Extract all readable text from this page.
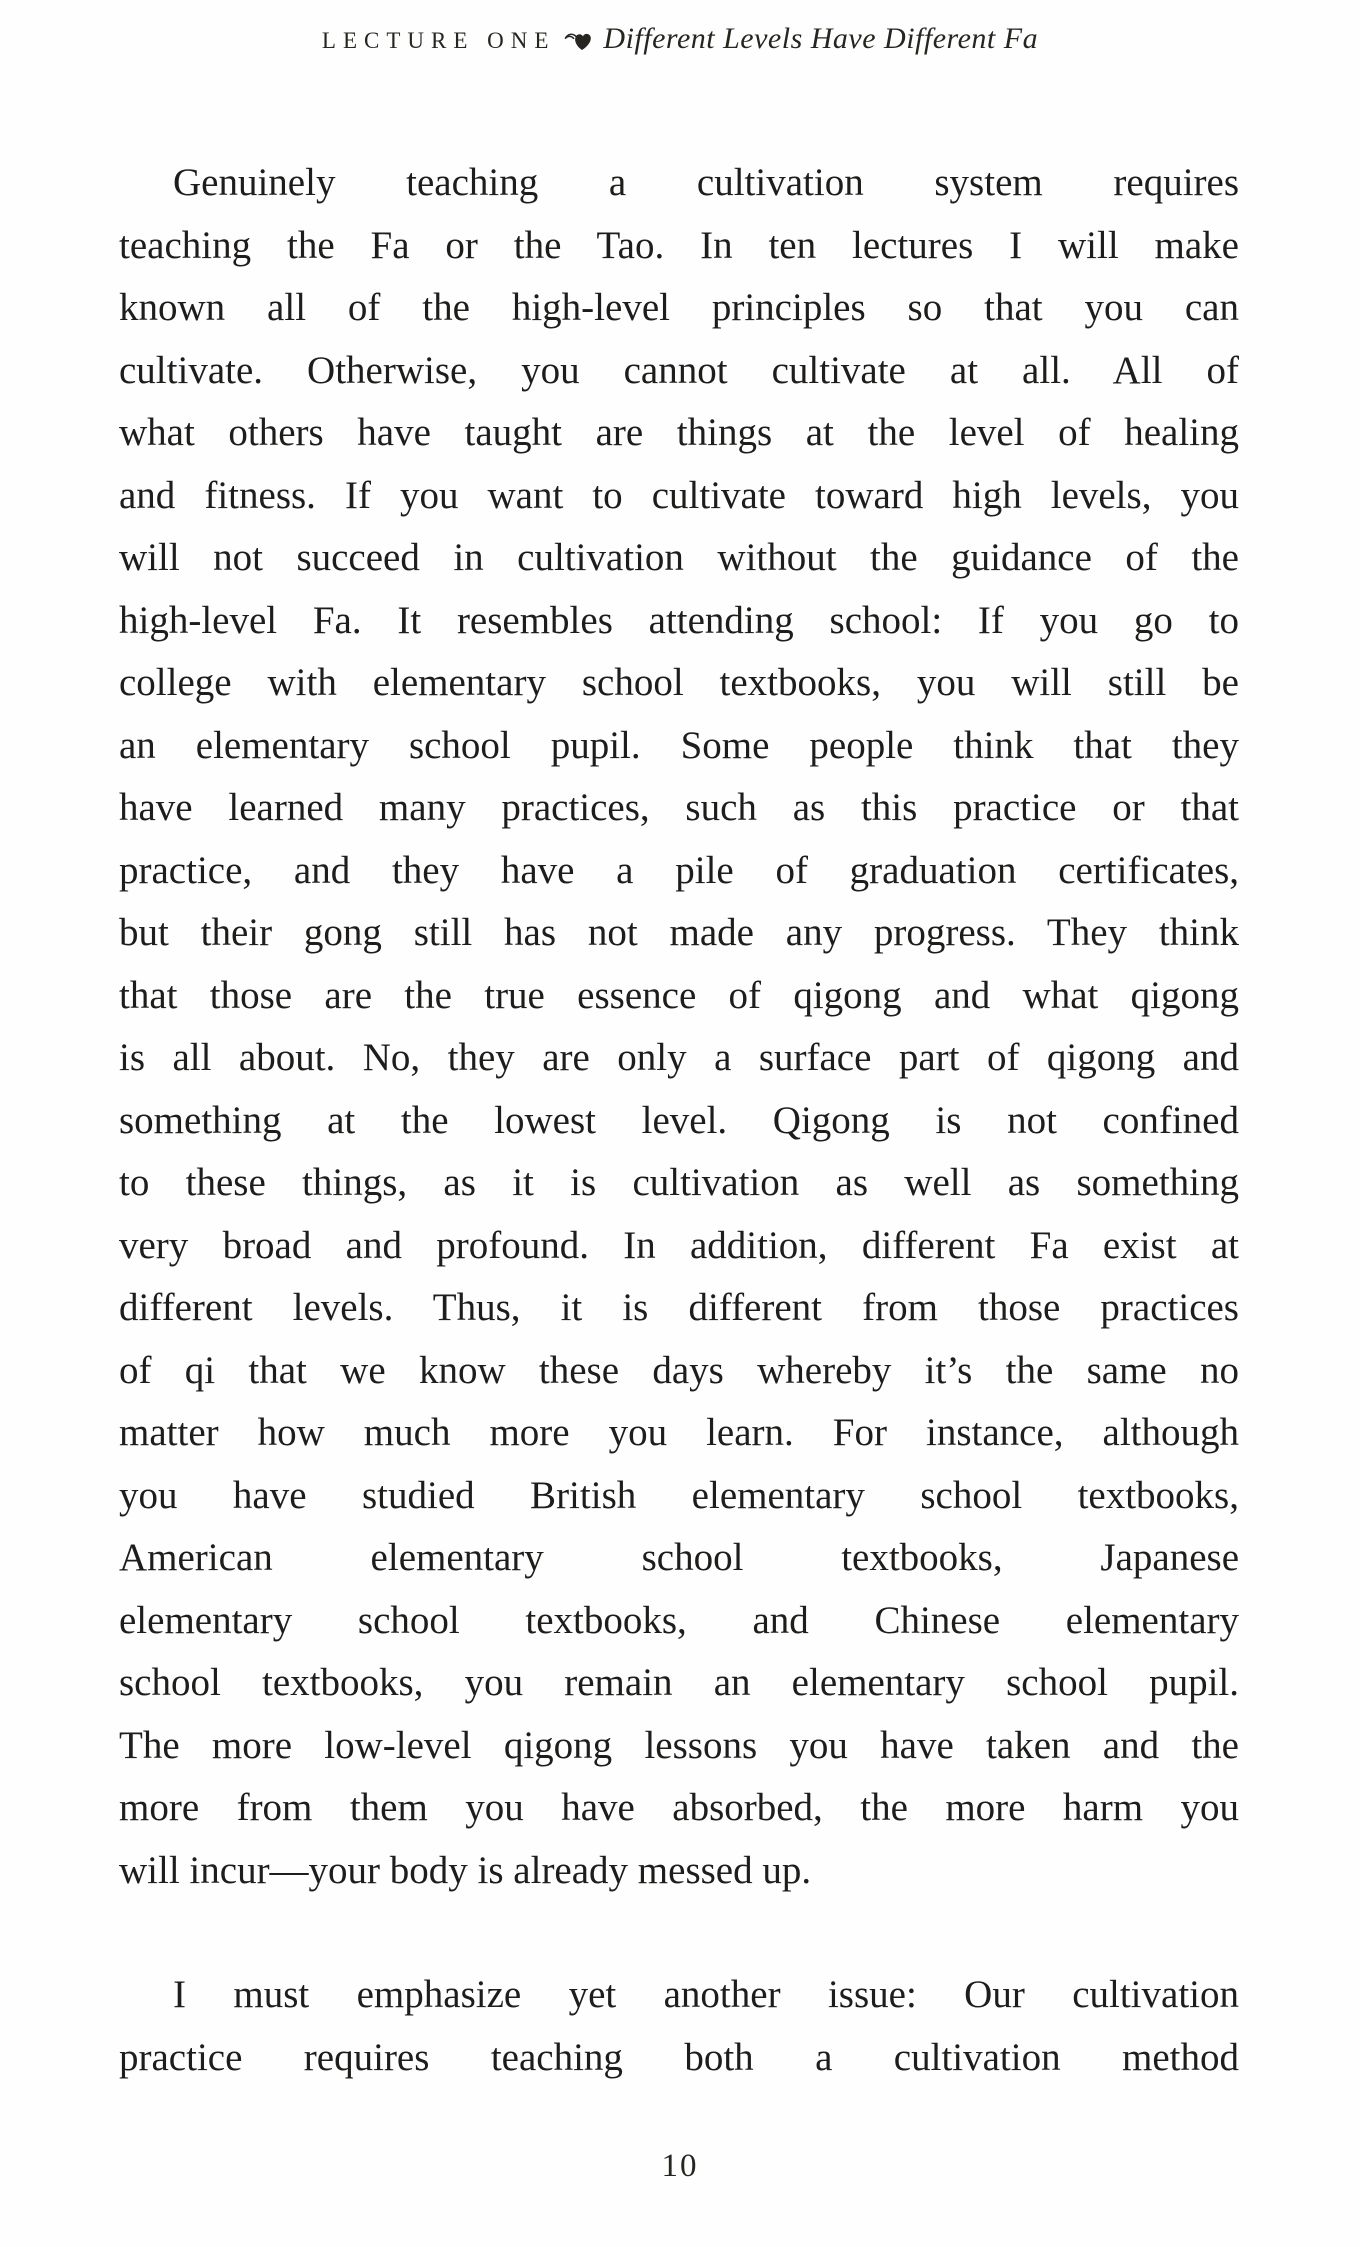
LECTURE ONE Different Levels Have Different Fa
Genuinely teaching a cultivation system requires
teaching the Fa or the Tao. In ten lectures I will make
known all of the high-level principles so that you can
cultivate. Otherwise, you cannot cultivate at all. All of
what others have taught are things at the level of healing
and fitness. If you want to cultivate toward high levels, you
will not succeed in cultivation without the guidance of the
high-level Fa. It resembles attending school: If you go to
college with elementary school textbooks, you will still be
an elementary school pupil. Some people think that they
have learned many practices, such as this practice or that
practice, and they have a pile of graduation certificates,
but their gong still has not made any progress. They think
that those are the true essence of qigong and what qigong
is all about. No, they are only a surface part of qigong and
something at the lowest level. Qigong is not confined
to these things, as it is cultivation as well as something
very broad and profound. In addition, different Fa exist at
different levels. Thus, it is different from those practices
of qi that we know these days whereby it’s the same no
matter how much more you learn. For instance, although
you have studied British elementary school textbooks,
American elementary school textbooks, Japanese
elementary school textbooks, and Chinese elementary
school textbooks, you remain an elementary school pupil.
The more low-level qigong lessons you have taken and the
more from them you have absorbed, the more harm you
will incur—your body is already messed up.
I must emphasize yet another issue: Our cultivation
practice requires teaching both a cultivation method
10
